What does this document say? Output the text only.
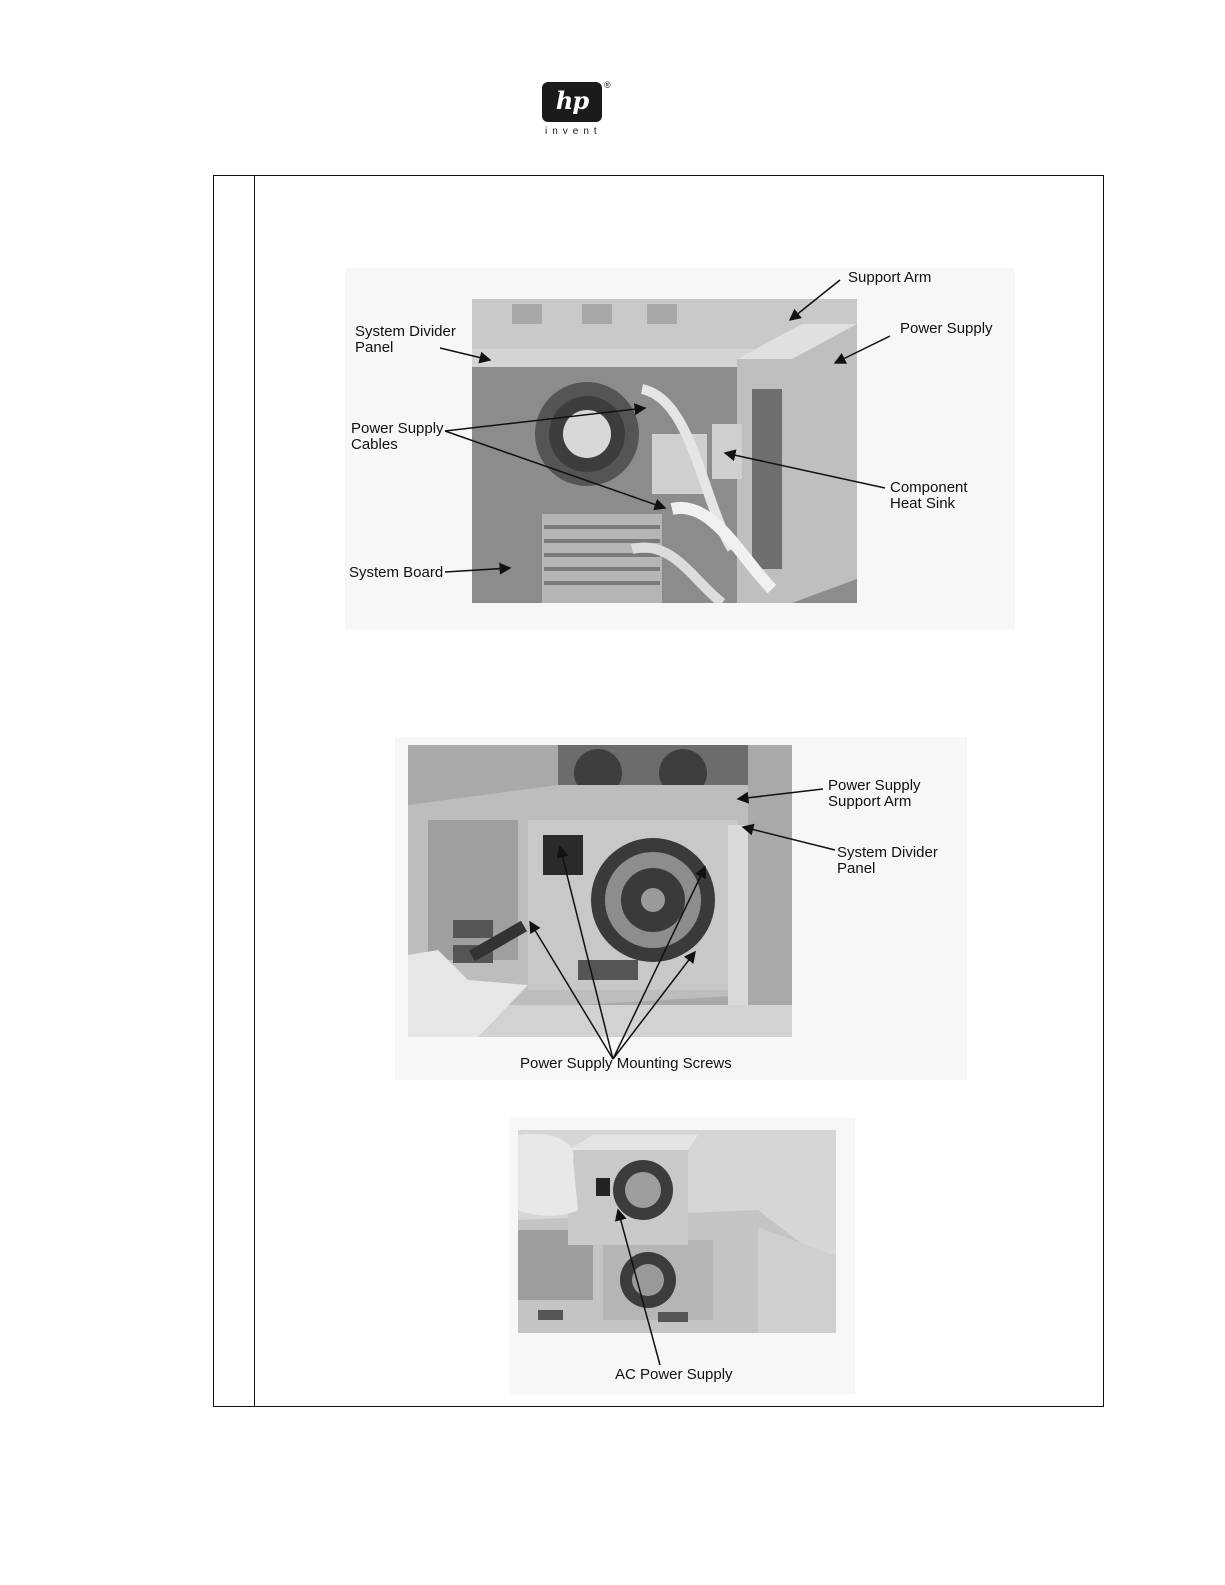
hp
®
invent
Support Arm
System Divider
Panel
Power Supply
Power Supply
Cables
Component
Heat Sink
System Board
Power Supply
Support Arm
System Divider
Panel
Power Supply Mounting Screws
AC Power Supply
